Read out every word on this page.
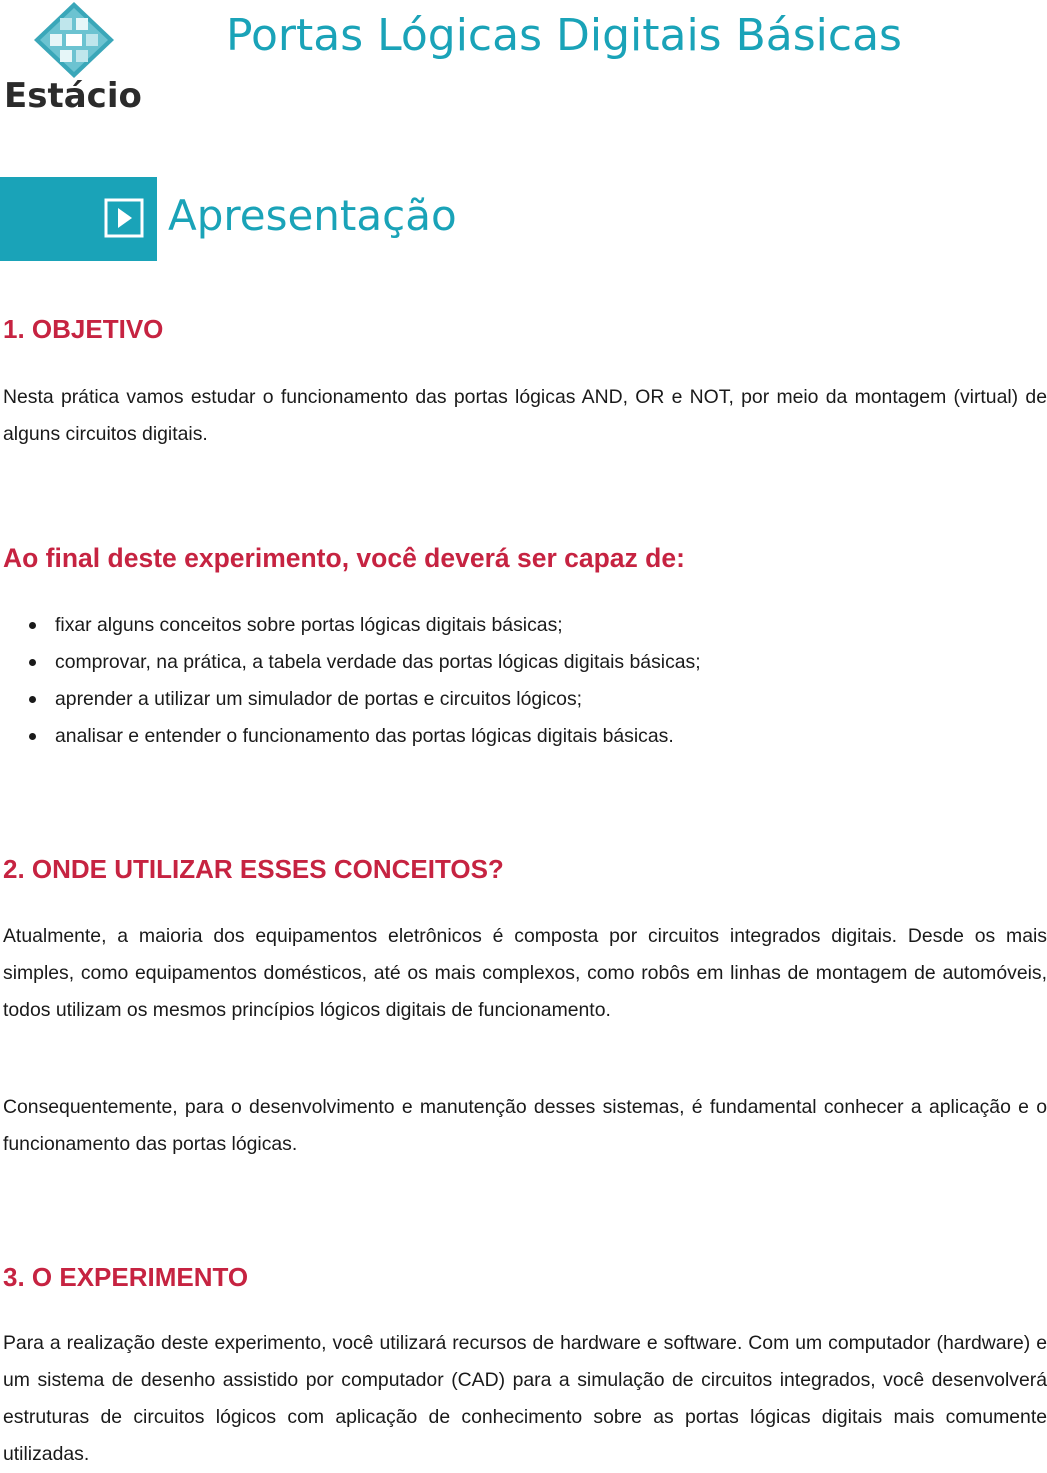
Estácio
Portas Lógicas Digitais Básicas
Apresentação
1. OBJETIVO

Nesta prática vamos estudar o funcionamento das portas lógicas AND, OR e NOT, por meio da montagem (virtual) de alguns circuitos digitais.

Ao final deste experimento, você deverá ser capaz de:
fixar alguns conceitos sobre portas lógicas digitais básicas;
comprovar, na prática, a tabela verdade das portas lógicas digitais básicas;
aprender a utilizar um simulador de portas e circuitos lógicos;
analisar e entender o funcionamento das portas lógicas digitais básicas.
2. ONDE UTILIZAR ESSES CONCEITOS?

Atualmente, a maioria dos equipamentos eletrônicos é composta por circuitos integrados digitais. Desde os mais simples, como equipamentos domésticos, até os mais complexos, como robôs em linhas de montagem de automóveis, todos utilizam os mesmos princípios lógicos digitais de funcionamento.

Consequentemente, para o desenvolvimento e manutenção desses sistemas, é fundamental conhecer a aplicação e o funcionamento das portas lógicas.

3. O EXPERIMENTO

Para a realização deste experimento, você utilizará recursos de hardware e software. Com um computador (hardware) e um sistema de desenho assistido por computador (CAD) para a simulação de circuitos integrados, você desenvolverá estruturas de circuitos lógicos com aplicação de conhecimento sobre as portas lógicas digitais mais comumente utilizadas.
